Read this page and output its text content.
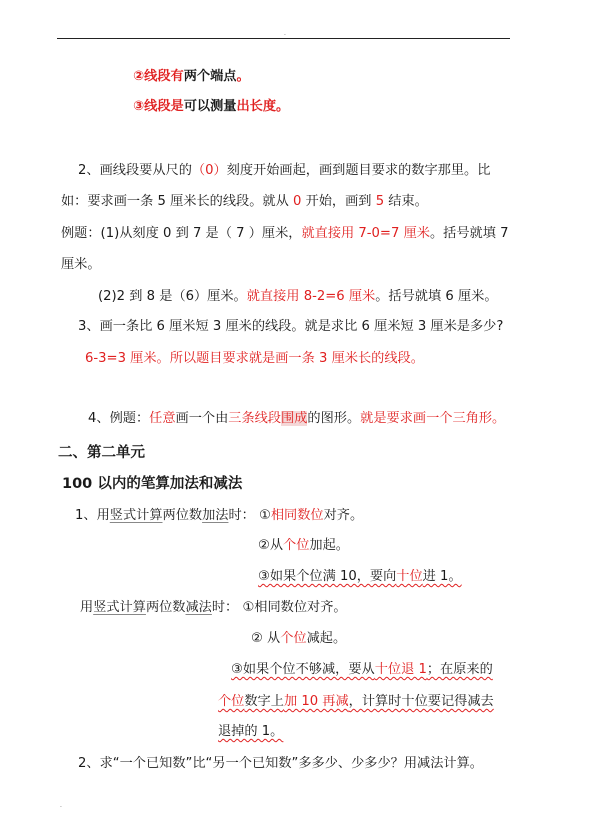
.
②线段有两个端点。
③线段是可以测量出长度。
2、画线段要从尺的（0）刻度开始画起，画到题目要求的数字那里。比
如：要求画一条 5 厘米长的线段。就从 0 开始，画到 5 结束。
例题：(1)从刻度 0 到 7 是（ 7 ）厘米，就直接用 7-0=7 厘米。括号就填 7
厘米。
(2)2 到 8 是（6）厘米。就直接用 8-2=6 厘米。括号就填 6 厘米。
3、画一条比 6 厘米短 3 厘米的线段。就是求比 6 厘米短 3 厘米是多少?
6-3=3 厘米。所以题目要求就是画一条 3 厘米长的线段。
4、例题：任意画一个由三条线段围成的图形。就是要求画一个三角形。
二、第二单元
100 以内的笔算加法和减法
1、用竖式计算两位数加法时： ①相同数位对齐。
②从个位加起。
③如果个位满 10，要向十位进 1。
用竖式计算两位数减法时： ①相同数位对齐。
② 从个位减起。
③如果个位不够减，要从十位退 1；在原来的
个位数字上加 10 再减，计算时十位要记得减去
退掉的 1。
2、求“一个已知数”比“另一个已知数”多多少、少多少？用减法计算。
.
